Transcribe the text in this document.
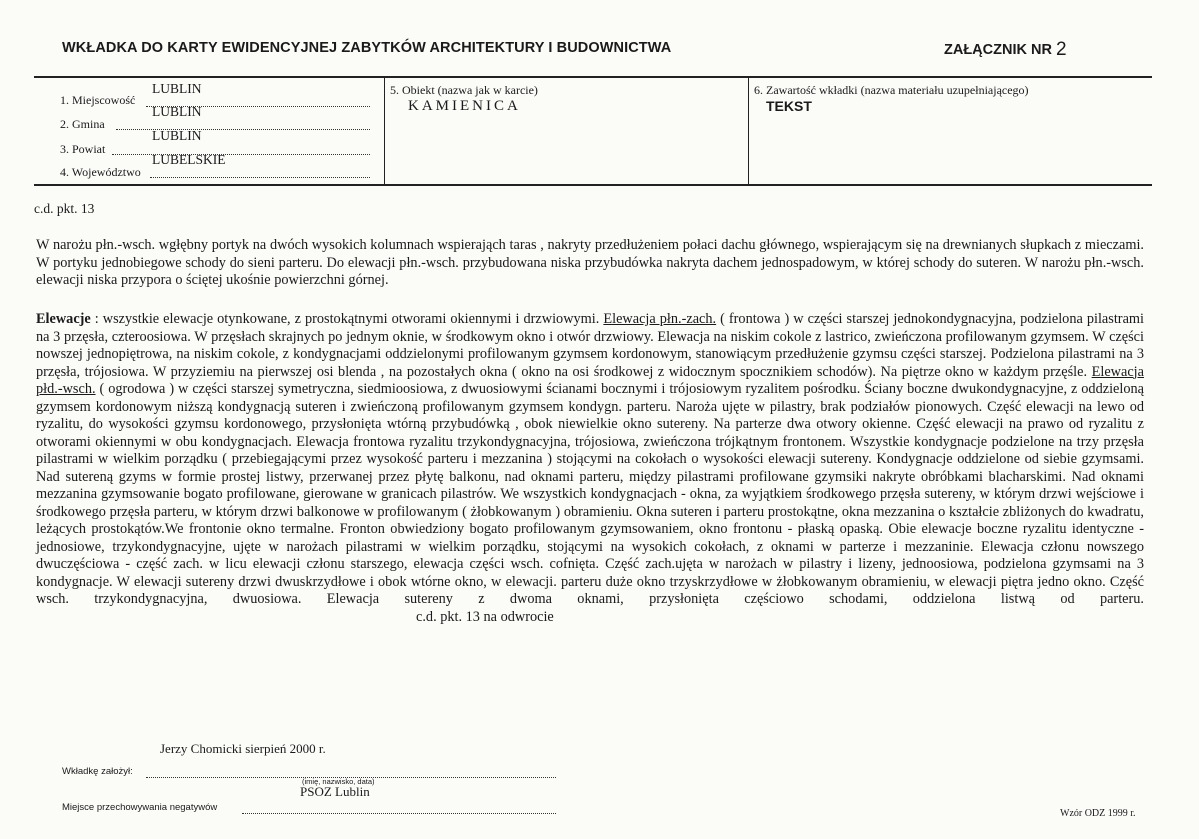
WKŁADKA DO KARTY EWIDENCYJNEJ ZABYTKÓW ARCHITEKTURY I BUDOWNICTWA	ZAŁĄCZNIK NR 2
LUBLIN
1. Miejscowość
LUBLIN
2. Gmina
LUBLIN
3. Powiat
LUBELSKIE
4. Województwo
5. Obiekt (nazwa jak w karcie)
KAMIENICA
6. Zawartość wkładki (nazwa materiału uzupełniającego)
TEKST
c.d. pkt. 13
W narożu płn.-wsch. wgłębny portyk na dwóch wysokich kolumnach wspierająch taras , nakryty przedłużeniem połaci dachu głównego, wspierającym się na drewnianych słupkach z mieczami. W portyku jednobiegowe schody do sieni parteru. Do elewacji płn.-wsch. przybudowana niska przybudówka nakryta dachem jednospadowym, w której schody do suteren. W narożu płn.-wsch. elewacji niska przypora o ściętej ukośnie powierzchni górnej.
Elewacje : wszystkie elewacje otynkowane, z prostokątnymi otworami okiennymi i drzwiowymi. Elewacja płn.-zach. ( frontowa ) w części starszej jednokondygnacyjna, podzielona pilastrami na 3 przęsła, czteroosiowa. W przęsłach skrajnych po jednym oknie, w środkowym okno i otwór drzwiowy. Elewacja na niskim cokole z lastrico, zwieńczona profilowanym gzymsem. W części nowszej jednopiętrowa, na niskim cokole, z kondygnacjami oddzielonymi profilowanym gzymsem kordonowym, stanowiącym przedłużenie gzymsu części starszej. Podzielona pilastrami na 3 przęsła, trójosiowa. W przyziemiu na pierwszej osi blenda , na pozostałych okna ( okno na osi środkowej z widocznym spocznikiem schodów). Na piętrze okno w każdym przęśle. Elewacja płd.-wsch. ( ogrodowa ) w części starszej symetryczna, siedmioosiowa, z dwuosiowymi ścianami bocznymi i trójosiowym ryzalitem pośrodku. Ściany boczne dwukondygnacyjne, z oddzieloną gzymsem kordonowym niższą kondygnacją suteren i zwieńczoną profilowanym gzymsem kondygn. parteru. Naroża ujęte w pilastry, brak podziałów pionowych. Część elewacji na lewo od ryzalitu, do wysokości gzymsu kordonowego, przysłonięta wtórną przybudówką , obok niewielkie okno sutereny. Na parterze dwa otwory okienne. Część elewacji na prawo od ryzalitu z otworami okiennymi w obu kondygnacjach. Elewacja frontowa ryzalitu trzykondygnacyjna, trójosiowa, zwieńczona trójkątnym frontonem. Wszystkie kondygnacje podzielone na trzy przęsła pilastrami w wielkim porządku ( przebiegającymi przez wysokość parteru i mezzanina ) stojącymi na cokołach o wysokości elewacji sutereny. Kondygnacje oddzielone od siebie gzymsami. Nad sutereną gzyms w formie prostej listwy, przerwanej przez płytę balkonu, nad oknami parteru, między pilastrami profilowane gzymsiki nakryte obróbkami blacharskimi. Nad oknami mezzanina gzymsowanie bogato profilowane, gierowane w granicach pilastrów. We wszystkich kondygnacjach - okna, za wyjątkiem środkowego przęsła sutereny, w którym drzwi wejściowe i środkowego przęsła parteru, w którym drzwi balkonowe w profilowanym ( żłobkowanym ) obramieniu. Okna suteren i parteru prostokątne, okna mezzanina o kształcie zbliżonych do kwadratu, leżących prostokątów.We frontonie okno termalne. Fronton obwiedziony bogato profilowanym gzymsowaniem, okno frontonu - płaską opaską. Obie elewacje boczne ryzalitu identyczne - jednosiowe, trzykondygnacyjne, ujęte w narożach pilastrami w wielkim porządku, stojącymi na wysokich cokołach, z oknami w parterze i mezzaninie. Elewacja członu nowszego dwuczęściowa - część zach. w licu elewacji członu starszego, elewacja części wsch. cofnięta. Część zach.ujęta w narożach w pilastry i lizeny, jednoosiowa, podzielona gzymsami na 3 kondygnacje. W elewacji sutereny drzwi dwuskrzydłowe i obok wtórne okno, w elewacji. parteru duże okno trzyskrzydłowe w żłobkowanym obramieniu, w elewacji piętra jedno okno. Część wsch. trzykondygnacyjna, dwuosiowa. Elewacja sutereny z dwoma oknami, przysłonięta częściowo schodami, oddzielona listwą od parteru.c.d. pkt. 13 na odwrocie
Jerzy Chomicki sierpień 2000 r.
Wkładkę założył:
(imię, nazwisko, data)
PSOZ Lublin
Miejsce przechowywania negatywów
Wzór ODZ 1999 r.
